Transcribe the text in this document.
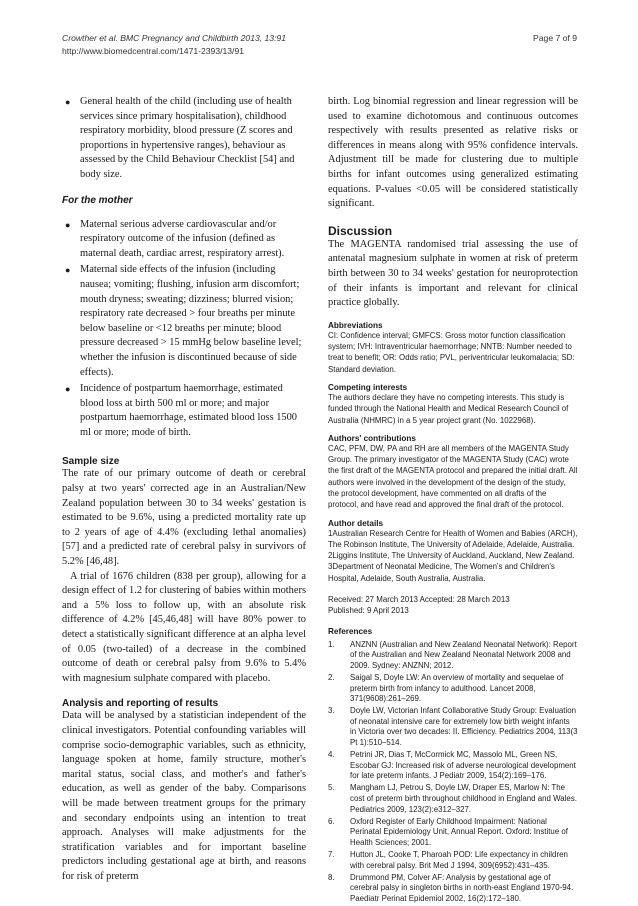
Crowther et al. BMC Pregnancy and Childbirth 2013, 13:91
http://www.biomedcentral.com/1471-2393/13/91
Page 7 of 9
● General health of the child (including use of health services since primary hospitalisation), childhood respiratory morbidity, blood pressure (Z scores and proportions in hypertensive ranges), behaviour as assessed by the Child Behaviour Checklist [54] and body size.

For the mother

● Maternal serious adverse cardiovascular and/or respiratory outcome of the infusion (defined as maternal death, cardiac arrest, respiratory arrest).
● Maternal side effects of the infusion (including nausea; vomiting; flushing, infusion arm discomfort; mouth dryness; sweating; dizziness; blurred vision; respiratory rate decreased > four breaths per minute below baseline or <12 breaths per minute; blood pressure decreased > 15 mmHg below baseline level; whether the infusion is discontinued because of side effects).
● Incidence of postpartum haemorrhage, estimated blood loss at birth 500 ml or more; and major postpartum haemorrhage, estimated blood loss 1500 ml or more; mode of birth.

Sample size

The rate of our primary outcome of death or cerebral palsy at two years' corrected age in an Australian/New Zealand population between 30 to 34 weeks' gestation is estimated to be 9.6%, using a predicted mortality rate up to 2 years of age of 4.4% (excluding lethal anomalies) [57] and a predicted rate of cerebral palsy in survivors of 5.2% [46,48].

A trial of 1676 children (838 per group), allowing for a design effect of 1.2 for clustering of babies within mothers and a 5% loss to follow up, with an absolute risk difference of 4.2% [45,46,48] will have 80% power to detect a statistically significant difference at an alpha level of 0.05 (two-tailed) of a decrease in the combined outcome of death or cerebral palsy from 9.6% to 5.4% with magnesium sulphate compared with placebo.

Analysis and reporting of results

Data will be analysed by a statistician independent of the clinical investigators. Potential confounding variables will comprise socio-demographic variables, such as ethnicity, language spoken at home, family structure, mother's marital status, social class, and mother's and father's education, as well as gender of the baby. Comparisons will be made between treatment groups for the primary and secondary endpoints using an intention to treat approach. Analyses will make adjustments for the stratification variables and for important baseline predictors including gestational age at birth, and reasons for risk of preterm

birth. Log binomial regression and linear regression will be used to examine dichotomous and continuous outcomes respectively with results presented as relative risks or differences in means along with 95% confidence intervals. Adjustment till be made for clustering due to multiple births for infant outcomes using generalized estimating equations. P-values <0.05 will be considered statistically significant.

Discussion

The MAGENTA randomised trial assessing the use of antenatal magnesium sulphate in women at risk of preterm birth between 30 to 34 weeks' gestation for neuroprotection of their infants is important and relevant for clinical practice globally.

Abbreviations

CI: Confidence interval; GMFCS: Gross motor function classification system; IVH: Intraventricular haemorrhage; NNTB: Number needed to treat to benefit; OR: Odds ratio; PVL, periventricular leukomalacia; SD: Standard deviation.

Competing interests

The authors declare they have no competing interests. This study is funded through the National Health and Medical Research Council of Australia (NHMRC) in a 5 year project grant (No. 1022968).

Authors' contributions

CAC, PFM, DW, PA and RH are all members of the MAGENTA Study Group. The primary investigator of the MAGENTA Study (CAC) wrote the first draft of the MAGENTA protocol and prepared the initial draft. All authors were involved in the development of the design of the study, the protocol development, have commented on all drafts of the protocol, and have read and approved the final draft of the protocol.

Author details

1Australian Research Centre for Health of Women and Babies (ARCH), The Robinson Institute, The University of Adelaide, Adelaide, Australia. 2Liggins Institute, The University of Auckland, Auckland, New Zealand. 3Department of Neonatal Medicine, The Women's and Children's Hospital, Adelaide, South Australia, Australia.

Received: 27 March 2013 Accepted: 28 March 2013

Published: 9 April 2013

References

1. ANZNN (Australian and New Zealand Neonatal Network): Report of the Australian and New Zealand Neonatal Network 2008 and 2009. Sydney: ANZNN; 2012.
2. Saigal S, Doyle LW: An overview of mortality and sequelae of preterm birth from infancy to adulthood. Lancet 2008, 371(9608):261–269.
3. Doyle LW, Victorian Infant Collaborative Study Group: Evaluation of neonatal intensive care for extremely low birth weight infants in Victoria over two decades: II. Efficiency. Pediatrics 2004, 113(3 Pt 1):510–514.
4. Petrini JR, Dias T, McCormick MC, Massolo ML, Green NS, Escobar GJ: Increased risk of adverse neurological development for late preterm infants. J Pediatr 2009, 154(2):169–176.
5. Mangham LJ, Petrou S, Doyle LW, Draper ES, Marlow N: The cost of preterm birth throughout childhood in England and Wales. Pediatrics 2009, 123(2):e312–327.
6. Oxford Register of Early Childhood Impairment: National Perinatal Epidemiology Unit, Annual Report. Oxford: Institue of Health Sciences; 2001.
7. Hutton JL, Cooke T, Pharoah POD: Life expectancy in children with cerebral palsy. Brit Med J 1994, 309(6952):431–435.
8. Drummond PM, Colver AF: Analysis by gestational age of cerebral palsy in singleton births in north-east England 1970-94. Paediatr Perinat Epidemiol 2002, 16(2):172–180.
